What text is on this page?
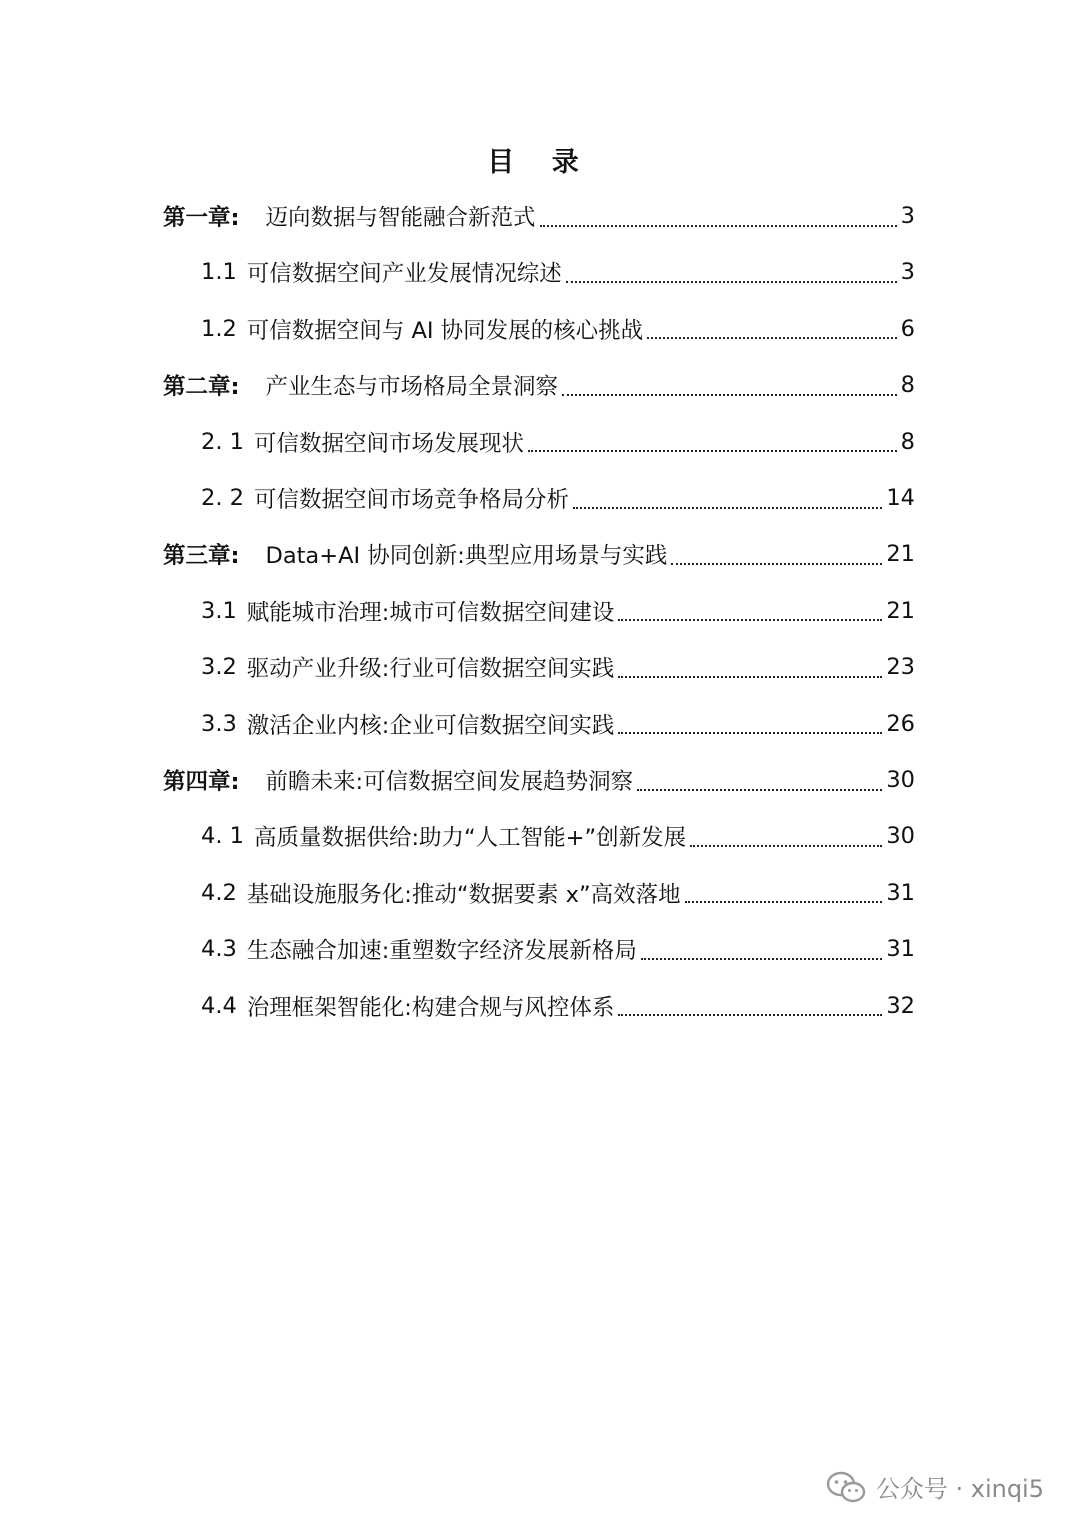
目 录
第一章: 迈向数据与智能融合新范式	3
1.1 可信数据空间产业发展情况综述	3
1.2 可信数据空间与 AI 协同发展的核心挑战	6
第二章: 产业生态与市场格局全景洞察	8
2. 1 可信数据空间市场发展现状	8
2. 2 可信数据空间市场竞争格局分析	14
第三章: Data+AI 协同创新:典型应用场景与实践	21
3.1 赋能城市治理:城市可信数据空间建设	21
3.2 驱动产业升级:行业可信数据空间实践	23
3.3 激活企业内核:企业可信数据空间实践	26
第四章: 前瞻未来:可信数据空间发展趋势洞察	30
4. 1 高质量数据供给:助力“人工智能+”创新发展	30
4.2 基础设施服务化:推动“数据要素 x”高效落地	31
4.3 生态融合加速:重塑数字经济发展新格局	31
4.4 治理框架智能化:构建合规与风控体系	32
公众号 · xinqi5
